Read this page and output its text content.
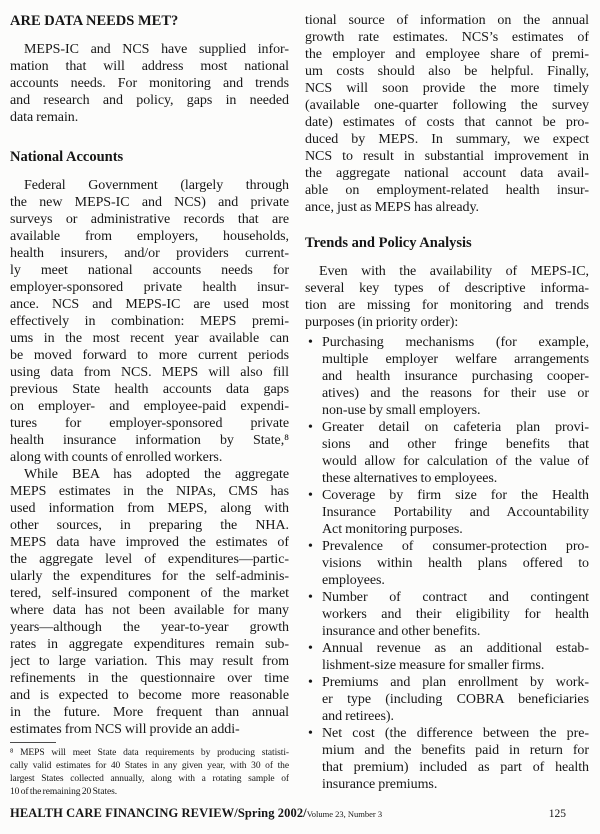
ARE DATA NEEDS MET?
MEPS-IC and NCS have supplied infor-
mation that will address most national
accounts needs. For monitoring and trends
and research and policy, gaps in needed
data remain.
National Accounts
Federal Government (largely through
the new MEPS-IC and NCS) and private
surveys or administrative records that are
available from employers, households,
health insurers, and/or providers current-
ly meet national accounts needs for
employer-sponsored private health insur-
ance. NCS and MEPS-IC are used most
effectively in combination: MEPS premi-
ums in the most recent year available can
be moved forward to more current periods
using data from NCS. MEPS will also fill
previous State health accounts data gaps
on employer- and employee-paid expendi-
tures for employer-sponsored private
health insurance information by State,⁸
along with counts of enrolled workers.
While BEA has adopted the aggregate
MEPS estimates in the NIPAs, CMS has
used information from MEPS, along with
other sources, in preparing the NHA.
MEPS data have improved the estimates of
the aggregate level of expenditures—partic-
ularly the expenditures for the self-adminis-
tered, self-insured component of the market
where data has not been available for many
years—although the year-to-year growth
rates in aggregate expenditures remain sub-
ject to large variation. This may result from
refinements in the questionnaire over time
and is expected to become more reasonable
in the future. More frequent than annual
estimates from NCS will provide an addi-
⁸ MEPS will meet State data requirements by producing statisti-
cally valid estimates for 40 States in any given year, with 30 of the
largest States collected annually, along with a rotating sample of
10 of the remaining 20 States.
tional source of information on the annual
growth rate estimates. NCS’s estimates of
the employer and employee share of premi-
um costs should also be helpful. Finally,
NCS will soon provide the more timely
(available one-quarter following the survey
date) estimates of costs that cannot be pro-
duced by MEPS. In summary, we expect
NCS to result in substantial improvement in
the aggregate national account data avail-
able on employment-related health insur-
ance, just as MEPS has already.
Trends and Policy Analysis
Even with the availability of MEPS-IC,
several key types of descriptive informa-
tion are missing for monitoring and trends
purposes (in priority order):
• Purchasing mechanisms (for example,
multiple employer welfare arrangements
and health insurance purchasing cooper-
atives) and the reasons for their use or
non-use by small employers.
• Greater detail on cafeteria plan provi-
sions and other fringe benefits that
would allow for calculation of the value of
these alternatives to employees.
• Coverage by firm size for the Health
Insurance Portability and Accountability
Act monitoring purposes.
• Prevalence of consumer-protection pro-
visions within health plans offered to
employees.
• Number of contract and contingent
workers and their eligibility for health
insurance and other benefits.
• Annual revenue as an additional estab-
lishment-size measure for smaller firms.
• Premiums and plan enrollment by work-
er type (including COBRA beneficiaries
and retirees).
• Net cost (the difference between the pre-
mium and the benefits paid in return for
that premium) included as part of health
insurance premiums.
HEALTH CARE FINANCING REVIEW/Spring 2002/Volume 23, Number 3	125
